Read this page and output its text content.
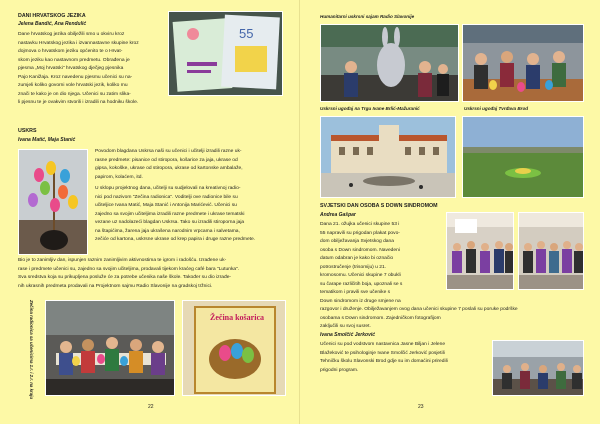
DANI HRVATSKOG JEZIKA
Jelena Bandić, Ana Rendulić

Dane hrvatskog jezika obilježili smo u okviru kroz

nastavku Hrvatskog jezika i izvannastavne skupine kroz

dojmova o hrvatskom jeziku općenito te o Hrvat-

skom jeziku kao nastavnom predmetu. Obrađena je

pjesma „Moj hrvatski" hrvatskog dječjeg pjesnika

Pajo Kanižaja. Kroz navedenu pjesmu učenici su na-

zumjeli koliko govorni vole hrvatski jezik, koliko mu

znači te kako je on dio njega. Učenici su zatim slika-

li pjesnu te je ovakvim stvorili i izradili na hodniku škole.

55
USKRS
Ivana Matić, Maja Stanić

Povodom blagdana Uskrsa naši su učenici i učitelji izradili razne uk-

rasne predmete: pisanice od stiropora, košarice za jaja, ukrase od

gipsa, kokoške, ukrase od stiropora, ukrase od kartonske ambalaže,

papirom, kolaćem, itd.

U sklopu projektnog dana, učitelji su sudjelovali na kreativnoj radio-

nici pod nazivom "Zečina radionica". Voditelji ove radionice bile su

učiteljice Ivana Matić, Maja Stanić i Antonija Marićević. Učenici su

zajedno sa svojim učiteljima izradili razne predmete i ukrase tematski

vezane uz nadolazeći blagdan Uskrsa. Tako su izradili stiroporna jaja

na štapićima, žarena jaja ukrašena narodnim vrpcama i salvetama,

zečiće od kartona, uskrsne ukrase od krep papira i druge razne predmete.

Bio je to zanimljiv dan, ispunjen raznim zanimljivim aktivnostima te igrom i radošću. Izrađene uk-

rase i predmete učenici su, zajedno sa svojim učiteljima, prodavali tijekom kraćeg café bara "Lutunka".

Sva sredstva koja su prikupljena posluže će za potrebe učenika naše škole. Također su dio izrađe-

nih ukrasnih predmeta prodavali na Projektnom sajmu Radio Slavonije na gradskoj tržnici.

Zečina radionica sa učenicima 1.r. i 2.r. na kraju	Žečina košarica
22
Humanitarni uskrsni sajam Radio Slavonije
Uskrsni ugođaj na Trgu Ivane Brlić-Mažuranić	Uskrsni ugođaj Tvrđava Brod
SVJETSKI DAN OSOBA S DOWN SINDROMOM
Andrea Gašpar

Dana 21. ožujka učenici skupine 53 i

55 napravili su prigodan plakat povo-

dom obilježavanja Svjetskog dana

osoba s Down sindromom. Navedeni

datum odabran je kako bi označio

potrostručenje (trisomiju) u 21.

kromosomu. Učenici skupine 7 obukli

su čarape različitih boja, upoznali se s

tematikom i pravili sve učenike s

Down sindromom iz druge smjene na

razgovor i druženje. Obilježavanjem ovog dana učenici skupine 7 poslali su poruke podrške

osobama s Down sindromom. Zajedničkom fotografijom

zaključili su svoj susret.

Ivana Smolčić Jerković

Učenici su pod vodstvom nastavnica Jasne Biljan i Jelene

Blažeković te psihologinje Ivane Smolčić Jerković posjetili

Tehničku školu Slavonski Brod gdje su im domaćini priredili

prigodni program.

23
